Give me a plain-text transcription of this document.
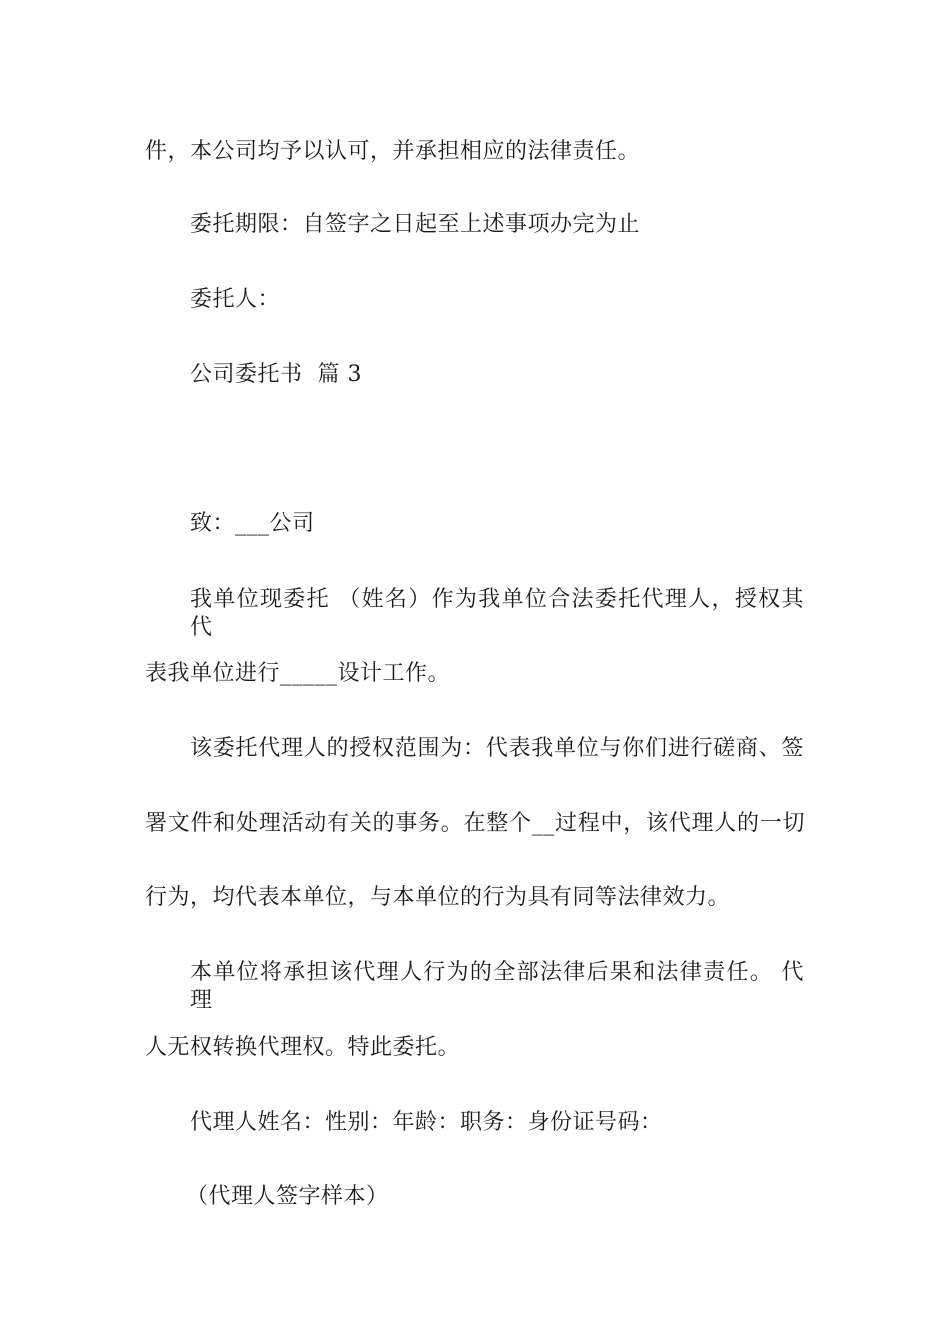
件，本公司均予以认可，并承担相应的法律责任。
委托期限：自签字之日起至上述事项办完为止
委托人：
公司委托书  篇 3
致：___公司
我单位现委托 （姓名）作为我单位合法委托代理人，授权其代
表我单位进行_____设计工作。
该委托代理人的授权范围为：代表我单位与你们进行磋商、签
署文件和处理活动有关的事务。在整个__过程中，该代理人的一切
行为，均代表本单位，与本单位的行为具有同等法律效力。
本单位将承担该代理人行为的全部法律后果和法律责任。 代理
人无权转换代理权。特此委托。
代理人姓名：性别：年龄：职务：身份证号码：
（代理人签字样本）
